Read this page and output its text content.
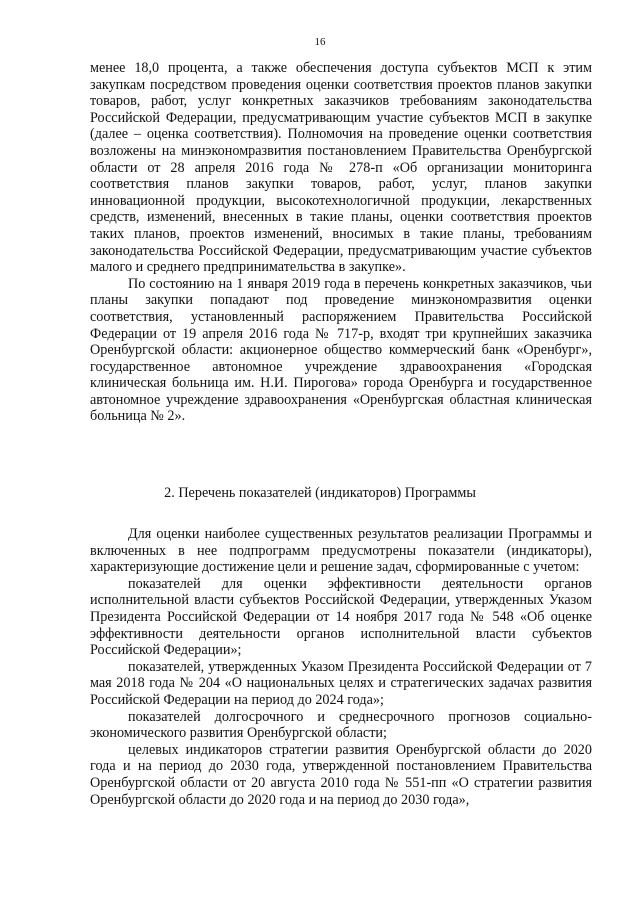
16

менее 18,0 процента, а также обеспечения доступа субъектов МСП к этим закупкам посредством проведения оценки соответствия проектов планов закупки товаров, работ, услуг конкретных заказчиков требованиям законодательства Российской Федерации, предусматривающим участие субъектов МСП в закупке (далее – оценка соответствия). Полномочия на проведение оценки соответствия возложены на минэкономразвития постановлением Правительства Оренбургской области от 28 апреля 2016 года № 278-п «Об организации мониторинга соответствия планов закупки товаров, работ, услуг, планов закупки инновационной продукции, высокотехнологичной продукции, лекарственных средств, изменений, внесенных в такие планы, оценки соответствия проектов таких планов, проектов изменений, вносимых в такие планы, требованиям законодательства Российской Федерации, предусматривающим участие субъектов малого и среднего предпринимательства в закупке».

По состоянию на 1 января 2019 года в перечень конкретных заказчиков, чьи планы закупки попадают под проведение минэкономразвития оценки соответствия, установленный распоряжением Правительства Российской Федерации от 19 апреля 2016 года № 717-р, входят три крупнейших заказчика Оренбургской области: акционерное общество коммерческий банк «Оренбург», государственное автономное учреждение здравоохранения «Городская клиническая больница им. Н.И. Пирогова» города Оренбурга и государственное автономное учреждение здравоохранения «Оренбургская областная клиническая больница № 2».

2. Перечень показателей (индикаторов) Программы

Для оценки наиболее существенных результатов реализации Программы и включенных в нее подпрограмм предусмотрены показатели (индикаторы), характеризующие достижение цели и решение задач, сформированные с учетом:

показателей для оценки эффективности деятельности органов исполнительной власти субъектов Российской Федерации, утвержденных Указом Президента Российской Федерации от 14 ноября 2017 года № 548 «Об оценке эффективности деятельности органов исполнительной власти субъектов Российской Федерации»;

показателей, утвержденных Указом Президента Российской Федерации от 7 мая 2018 года № 204 «О национальных целях и стратегических задачах развития Российской Федерации на период до 2024 года»;

показателей долгосрочного и среднесрочного прогнозов социально-экономического развития Оренбургской области;

целевых индикаторов стратегии развития Оренбургской области до 2020 года и на период до 2030 года, утвержденной постановлением Правительства Оренбургской области от 20 августа 2010 года № 551-пп «О стратегии развития Оренбургской области до 2020 года и на период до 2030 года»,
